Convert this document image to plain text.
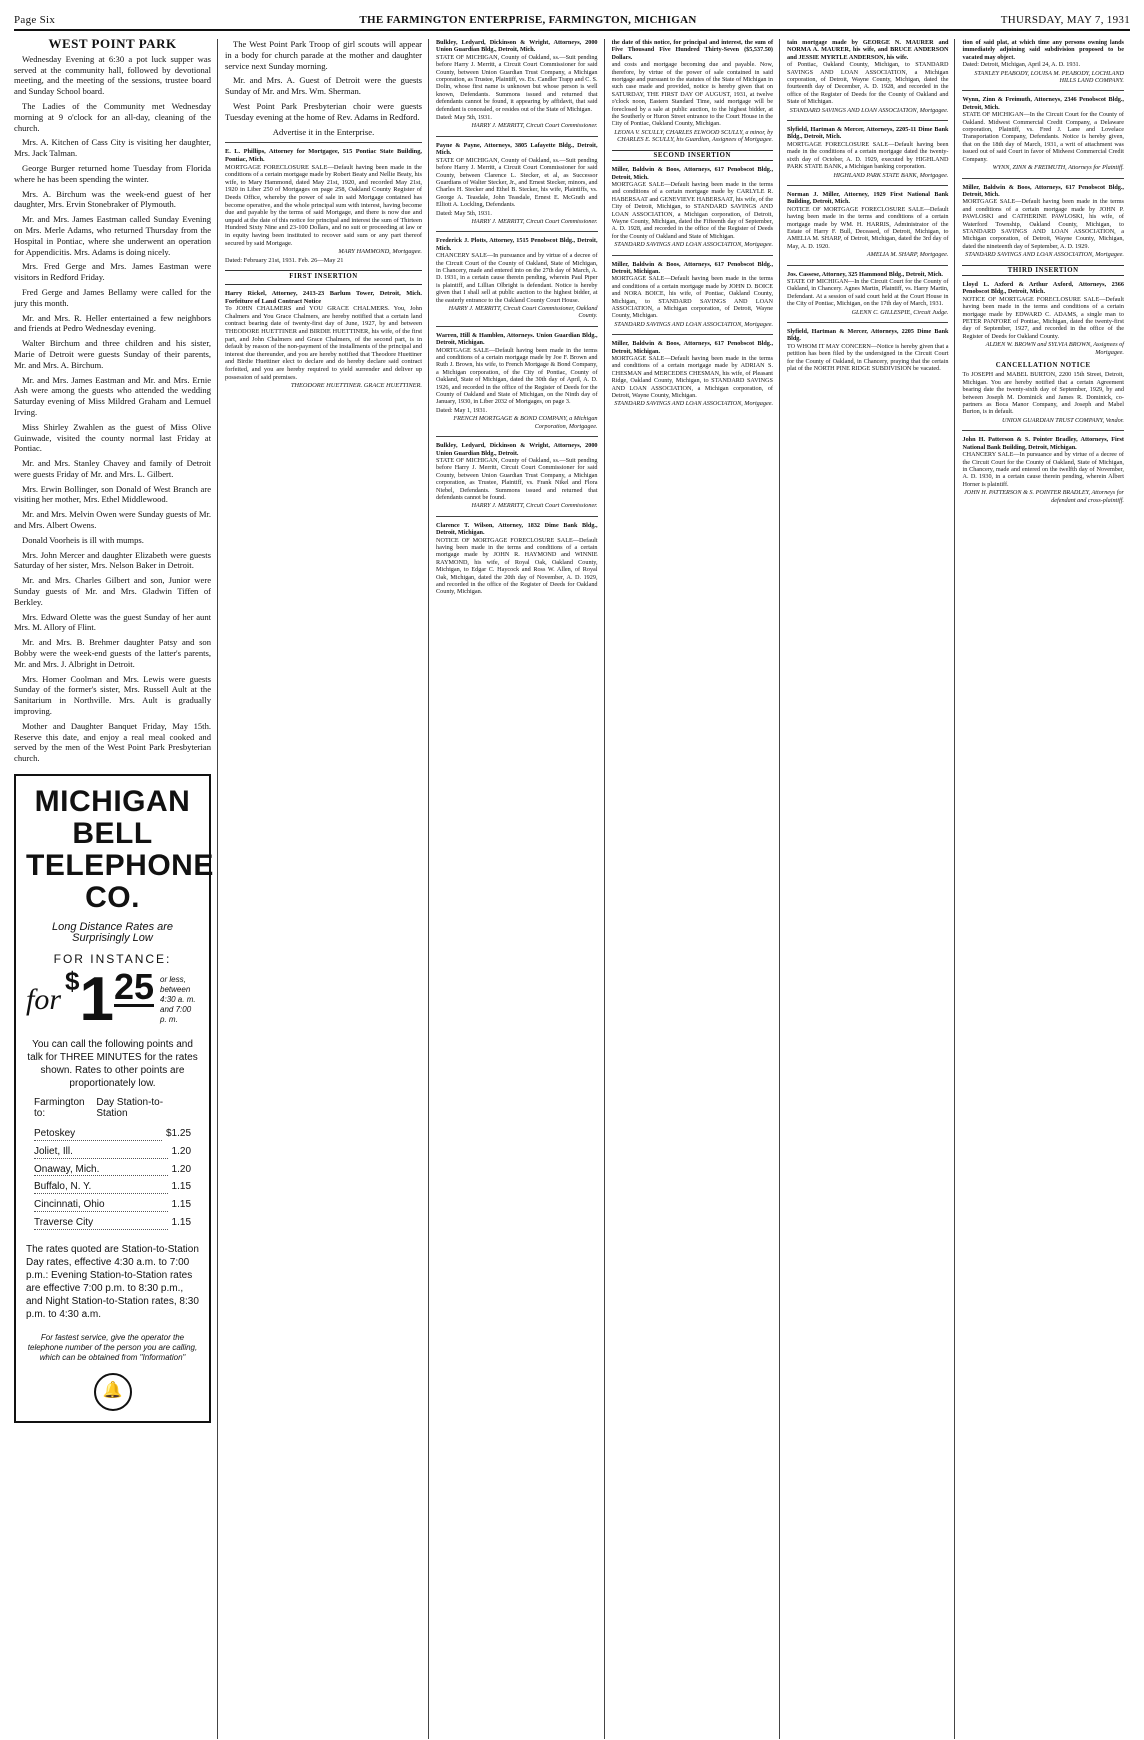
Page Six	THE FARMINGTON ENTERPRISE, FARMINGTON, MICHIGAN	THURSDAY, MAY 7, 1931
WEST POINT PARK

Wednesday Evening at 6:30 a pot luck supper was served at the community hall, followed by devotional meeting, and the meeting of the sessions, trustee board and Sunday School board.

The Ladies of the Community met Wednesday morning at 9 o'clock for an all-day, cleaning of the church.

Mrs. A. Kitchen of Cass City is visiting her daughter, Mrs. Jack Talman.

George Burger returned home Tuesday from Florida where he has been spending the winter.

Mrs. A. Birchum was the week-end guest of her daughter, Mrs. Ervin Stonebraker of Plymouth.

Mr. and Mrs. James Eastman called Sunday Evening on Mrs. Merle Adams, who returned Thursday from the Hospital in Pontiac, where she underwent an operation for Appendicitis. Mrs. Adams is doing nicely.

Mrs. Fred Gerge and Mrs. James Eastman were visitors in Redford Friday.

Fred Gerge and James Bellamy were called for the jury this month.

Mr. and Mrs. R. Heller entertained a few neighbors and friends at Pedro Wednesday evening.

Walter Birchum and three children and his sister, Marie of Detroit were guests Sunday of their parents, Mr. and Mrs. A. Birchum.

Mr. and Mrs. James Eastman and Mr. and Mrs. Ernie Ash were among the guests who attended the wedding Saturday evening of Miss Mildred Graham and Lemuel Irving.

Miss Shirley Zwahlen as the guest of Miss Olive Guinwade, visited the county normal last Friday at Pontiac.

Mr. and Mrs. Stanley Chavey and family of Detroit were guests Friday of Mr. and Mrs. L. Gilbert.

Mrs. Erwin Bollinger, son Donald of West Branch are visiting her mother, Mrs. Ethel Middlewood.

Mr. and Mrs. Melvin Owen were Sunday guests of Mr. and Mrs. Albert Owens.

Donald Voorheis is ill with mumps.

Mrs. John Mercer and daughter Elizabeth were guests Saturday of her sister, Mrs. Nelson Baker in Detroit.

Mr. and Mrs. Charles Gilbert and son, Junior were Sunday guests of Mr. and Mrs. Gladwin Tiffen of Berkley.

Mrs. Edward Olette was the guest Sunday of her aunt Mrs. M. Allory of Flint.

Mr. and Mrs. B. Brehmer daughter Patsy and son Bobby were the week-end guests of the latter's parents, Mr. and Mrs. J. Albright in Detroit.

Mrs. Homer Coolman and Mrs. Lewis were guests Sunday of the former's sister, Mrs. Russell Ault at the Sanitarium in Northville. Mrs. Ault is gradually improving.

Mother and Daughter Banquet Friday, May 15th. Reserve this date, and enjoy a real meal cooked and served by the men of the West Point Park Presbyterian church.

MICHIGAN BELL
TELEPHONE CO.
Long Distance Rates are Surprisingly Low
FOR INSTANCE:
for
$ 1 25 or less, between 4:30 a. m. and 7:00 p. m.
You can call the following points and talk for THREE MINUTES for the rates shown. Rates to other points are proportionately low.
Farmington to:
Day Station-to-Station
Petoskey	$1.25
Joliet, Ill.	1.20
Onaway, Mich.	1.20
Buffalo, N. Y.	1.15
Cincinnati, Ohio	1.15
Traverse City	1.15
The rates quoted are Station-to-Station Day rates, effective 4:30 a.m. to 7:00 p.m.: Evening Station-to-Station rates are effective 7:00 p.m. to 8:30 p.m., and Night Station-to-Station rates, 8:30 p.m. to 4:30 a.m.
For fastest service, give the operator the telephone number of the person you are calling, which can be obtained from "Information"
🔔

The West Point Park Troop of girl scouts will appear in a body for church parade at the mother and daughter service next Sunday morning.

Mr. and Mrs. A. Guest of Detroit were the guests Sunday of Mr. and Mrs. Wm. Sherman.

West Point Park Presbyterian choir were guests Tuesday evening at the home of Rev. Adams in Redford.

Advertise it in the Enterprise.

E. L. Phillips, Attorney for Mortgagee, 515 Pontiac State Building, Pontiac, Mich.
MORTGAGE FORECLOSURE SALE—Default having been made in the conditions of a certain mortgage made by Robert Beaty and Nellie Beaty, his wife, to Mary Hammond, dated May 21st, 1920, and recorded May 21st, 1920 in Liber 250 of Mortgages on page 258, Oakland County Register of Deeds Office, whereby the power of sale in said Mortgage contained has become operative, and the whole principal sum with interest, having become due and payable by the terms of said Mortgage, and there is now due and unpaid at the date of this notice for principal and interest the sum of Thirteen Hundred Sixty Nine and 23-100 Dollars, and no suit or proceeding at law or in equity having been instituted to recover said sum or any part thereof secured by said Mortgage.
MARY HAMMOND, Mortgagee.
Dated: February 21st, 1931. Feb. 26—May 21
FIRST INSERTION
Harry Rickel, Attorney, 2413-23 Barlum Tower, Detroit, Mich. Forfeiture of Land Contract Notice
To JOHN CHALMERS and YOU GRACE CHALMERS. You, John Chalmers and You Grace Chalmers, are hereby notified that a certain land contract bearing date of twenty-first day of June, 1927, by and between THEODORE HUETTINER and BIRDIE HUETTINER, his wife, of the first part, and John Chalmers and Grace Chalmers, of the second part, is in default by reason of the non-payment of the installments of the principal and interest due thereunder, and you are hereby notified that Theodore Huettiner and Birdie Huettiner elect to declare and do hereby declare said contract forfeited, and you are hereby required to yield surrender and deliver up possession of said premises.
THEODORE HUETTINER. GRACE HUETTINER.
Bulkley, Ledyard, Dickinson & Wright, Attorneys, 2000 Union Guardian Bldg., Detroit, Mich.
STATE OF MICHIGAN, County of Oakland, ss.—Suit pending before Harry J. Merritt, a Circuit Court Commissioner for said County, between Union Guardian Trust Company, a Michigan corporation, as Trustee, Plaintiff, vs. Ex. Candler Trapp and C. S. Dolin, whose first name is unknown but whose person is well known, Defendants. Summons issued and returned that defendants cannot be found, it appearing by affidavit, that said defendant is concealed, or resides out of the State of Michigan.
Dated: May 5th, 1931.
HARRY J. MERRITT, Circuit Court Commissioner.
Payne & Payne, Attorneys, 3805 Lafayette Bldg., Detroit, Mich.
STATE OF MICHIGAN, County of Oakland, ss.—Suit pending before Harry J. Merritt, a Circuit Court Commissioner for said County, between Clarence L. Stecker, et al, as Successor Guardians of Walter Stecker, Jr., and Ernest Stecker, minors, and Charles H. Stecker and Ethel B. Stecker, his wife, Plaintiffs, vs. George A. Teasdale, John Teasdale, Ernest E. McGrath and Elliott A. Lockling, Defendants.
Dated: May 5th, 1931.
HARRY J. MERRITT, Circuit Court Commissioner.
Frederick J. Plotts, Attorney, 1515 Penobscot Bldg., Detroit, Mich.
CHANCERY SALE—In pursuance and by virtue of a decree of the Circuit Court of the County of Oakland, State of Michigan, in Chancery, made and entered into on the 27th day of March, A. D. 1931, in a certain cause therein pending, wherein Paul Piper is plaintiff, and Lillian Olbright is defendant. Notice is hereby given that I shall sell at public auction to the highest bidder, at the easterly entrance to the Oakland County Court House.
HARRY J. MERRITT, Circuit Court Commissioner, Oakland County.
Warren, Hill & Hamblen, Attorneys. Union Guardian Bldg., Detroit, Michigan.
MORTGAGE SALE—Default having been made in the terms and conditions of a certain mortgage made by Joe F. Brown and Ruth J. Brown, his wife, to French Mortgage & Bond Company, a Michigan corporation, of the City of Pontiac, County of Oakland, State of Michigan, dated the 30th day of April, A. D. 1926, and recorded in the office of the Register of Deeds for the County of Oakland and State of Michigan, on the Ninth day of January, 1930, in Liber 2032 of Mortgages, on page 3.
Dated: May 1, 1931.
FRENCH MORTGAGE & BOND COMPANY, a Michigan Corporation, Mortgagee.
Bulkley, Ledyard, Dickinson & Wright, Attorneys, 2000 Union Guardian Bldg., Detroit.
STATE OF MICHIGAN, County of Oakland, ss.—Suit pending before Harry J. Merritt, Circuit Court Commissioner for said County, between Union Guardian Trust Company, a Michigan corporation, as Trustee, Plaintiff, vs. Frank Nikel and Flora Niebel, Defendants. Summons issued and returned that defendants cannot be found.
HARRY J. MERRITT, Circuit Court Commissioner.
Clarence T. Wilson, Attorney, 1832 Dime Bank Bldg., Detroit, Michigan.
NOTICE OF MORTGAGE FORECLOSURE SALE—Default having been made in the terms and conditions of a certain mortgage made by JOHN R. HAYMOND and WINNIE RAYMOND, his wife, of Royal Oak, Oakland County, Michigan, to Edgar C. Haycock and Ross W. Allen, of Royal Oak, Michigan, dated the 20th day of November, A. D. 1929, and recorded in the office of the Register of Deeds for Oakland County, Michigan.
the date of this notice, for principal and interest, the sum of Five Thousand Five Hundred Thirty-Seven ($5,537.50) Dollars.
and costs and mortgage becoming due and payable. Now, therefore, by virtue of the power of sale contained in said mortgage and pursuant to the statutes of the State of Michigan in such case made and provided, notice is hereby given that on SATURDAY, THE FIRST DAY OF AUGUST, 1931, at twelve o'clock noon, Eastern Standard Time, said mortgage will be foreclosed by a sale at public auction, to the highest bidder, at the Southerly or Huron Street entrance to the Court House in the City of Pontiac, Oakland County, Michigan.
LEONA V. SCULLY, CHARLES ELWOOD SCULLY, a minor, by CHARLES E. SCULLY, his Guardian, Assignees of Mortgagee.
SECOND INSERTION
Miller, Baldwin & Boos, Attorneys, 617 Penobscot Bldg., Detroit, Mich.
MORTGAGE SALE—Default having been made in the terms and conditions of a certain mortgage made by CARLYLE R. HABERSAAT and GENEVIEVE HABERSAAT, his wife, of the City of Detroit, Michigan, to STANDARD SAVINGS AND LOAN ASSOCIATION, a Michigan corporation, of Detroit, Wayne County, Michigan, dated the Fifteenth day of September, A. D. 1928, and recorded in the office of the Register of Deeds for the County of Oakland and State of Michigan.
STANDARD SAVINGS AND LOAN ASSOCIATION, Mortgagee.
Miller, Baldwin & Boos, Attorneys, 617 Penobscot Bldg., Detroit, Michigan.
MORTGAGE SALE—Default having been made in the terms and conditions of a certain mortgage made by JOHN D. BOICE and NORA BOICE, his wife, of Pontiac, Oakland County, Michigan, to STANDARD SAVINGS AND LOAN ASSOCIATION, a Michigan corporation, of Detroit, Wayne County, Michigan.
STANDARD SAVINGS AND LOAN ASSOCIATION, Mortgagee.
Miller, Baldwin & Boos, Attorneys, 617 Penobscot Bldg., Detroit, Michigan.
MORTGAGE SALE—Default having been made in the terms and conditions of a certain mortgage made by ADRIAN S. CHESMAN and MERCEDES CHESMAN, his wife, of Pleasant Ridge, Oakland County, Michigan, to STANDARD SAVINGS AND LOAN ASSOCIATION, a Michigan corporation, of Detroit, Wayne County, Michigan.
STANDARD SAVINGS AND LOAN ASSOCIATION, Mortgagee.
tain mortgage made by GEORGE N. MAURER and NORMA A. MAURER, his wife, and BRUCE ANDERSON and JESSIE MYRTLE ANDERSON, his wife.
of Pontiac, Oakland County, Michigan, to STANDARD SAVINGS AND LOAN ASSOCIATION, a Michigan corporation, of Detroit, Wayne County, Michigan, dated the fourteenth day of December, A. D. 1928, and recorded in the office of the Register of Deeds for the County of Oakland and State of Michigan.
STANDARD SAVINGS AND LOAN ASSOCIATION, Mortgagee.
Slyfield, Hartman & Mercer, Attorneys, 2205-11 Dime Bank Bldg., Detroit, Mich.
MORTGAGE FORECLOSURE SALE—Default having been made in the conditions of a certain mortgage dated the twenty-sixth day of October, A. D. 1929, executed by HIGHLAND PARK STATE BANK, a Michigan banking corporation.
HIGHLAND PARK STATE BANK, Mortgagee.
Norman J. Miller, Attorney, 1929 First National Bank Building, Detroit, Mich.
NOTICE OF MORTGAGE FORECLOSURE SALE—Default having been made in the terms and conditions of a certain mortgage made by WM. H. HARRIS, Administrator of the Estate of Harry F. Bull, Deceased, of Detroit, Michigan, to AMELIA M. SHARP, of Detroit, Michigan, dated the 3rd day of May, A. D. 1920.
AMELIA M. SHARP, Mortgagee.
Jos. Cassese, Attorney, 325 Hammond Bldg., Detroit, Mich.
STATE OF MICHIGAN—In the Circuit Court for the County of Oakland, in Chancery. Agnes Martin, Plaintiff, vs. Harry Martin, Defendant. At a session of said court held at the Court House in the City of Pontiac, Michigan, on the 17th day of March, 1931.
GLENN C. GILLESPIE, Circuit Judge.
Slyfield, Hartman & Mercer, Attorneys, 2205 Dime Bank Bldg.
TO WHOM IT MAY CONCERN—Notice is hereby given that a petition has been filed by the undersigned in the Circuit Court for the County of Oakland, in Chancery, praying that the certain plat of the NORTH PINE RIDGE SUBDIVISION be vacated.
tion of said plat, at which time any persons owning lands immediately adjoining said subdivision proposed to be vacated may object.
Dated: Detroit, Michigan, April 24, A. D. 1931.
STANLEY PEABODY, LOUISA M. PEABODY, LOCHLAND HILLS LAND COMPANY.
Wynn, Zinn & Freimuth, Attorneys, 2346 Penobscot Bldg., Detroit, Mich.
STATE OF MICHIGAN—In the Circuit Court for the County of Oakland. Midwest Commercial Credit Company, a Delaware corporation, Plaintiff, vs. Fred J. Lane and Lovelace Transportation Company, Defendants. Notice is hereby given, that on the 18th day of March, 1931, a writ of attachment was issued out of said Court in favor of Midwest Commercial Credit Company.
WYNN, ZINN & FREIMUTH, Attorneys for Plaintiff.
Miller, Baldwin & Boos, Attorneys, 617 Penobscot Bldg., Detroit, Mich.
MORTGAGE SALE—Default having been made in the terms and conditions of a certain mortgage made by JOHN P. PAWLOSKI and CATHERINE PAWLOSKI, his wife, of Waterford Township, Oakland County, Michigan, to STANDARD SAVINGS AND LOAN ASSOCIATION, a Michigan corporation, of Detroit, Wayne County, Michigan, dated the nineteenth day of September, A. D. 1929.
STANDARD SAVINGS AND LOAN ASSOCIATION, Mortgagee.
THIRD INSERTION
Lloyd L. Axford & Arthur Axford, Attorneys, 2366 Penobscot Bldg., Detroit, Mich.
NOTICE OF MORTGAGE FORECLOSURE SALE—Default having been made in the terms and conditions of a certain mortgage made by EDWARD C. ADAMS, a single man to PETER PANFORE of Pontiac, Michigan, dated the twenty-first day of September, 1927, and recorded in the office of the Register of Deeds for Oakland County.
ALDEN W. BROWN and SYLVIA BROWN, Assignees of Mortgagee.
CANCELLATION NOTICE
To JOSEPH and MABEL BURTON, 2200 15th Street, Detroit, Michigan. You are hereby notified that a certain Agreement bearing date the twenty-sixth day of September, 1929, by and between Joseph M. Dominick and James R. Dominick, co-partners as Boca Manor Company, and Joseph and Mabel Burton, is in default.
UNION GUARDIAN TRUST COMPANY, Vendor.
John H. Patterson & S. Pointer Bradley, Attorneys, First National Bank Building, Detroit, Michigan.
CHANCERY SALE—In pursuance and by virtue of a decree of the Circuit Court for the County of Oakland, State of Michigan, in Chancery, made and entered on the twelfth day of November, A. D. 1930, in a certain cause therein pending, wherein Albert Horner is plaintiff.
JOHN H. PATTERSON & S. POINTER BRADLEY, Attorneys for defendant and cross-plaintiff.
